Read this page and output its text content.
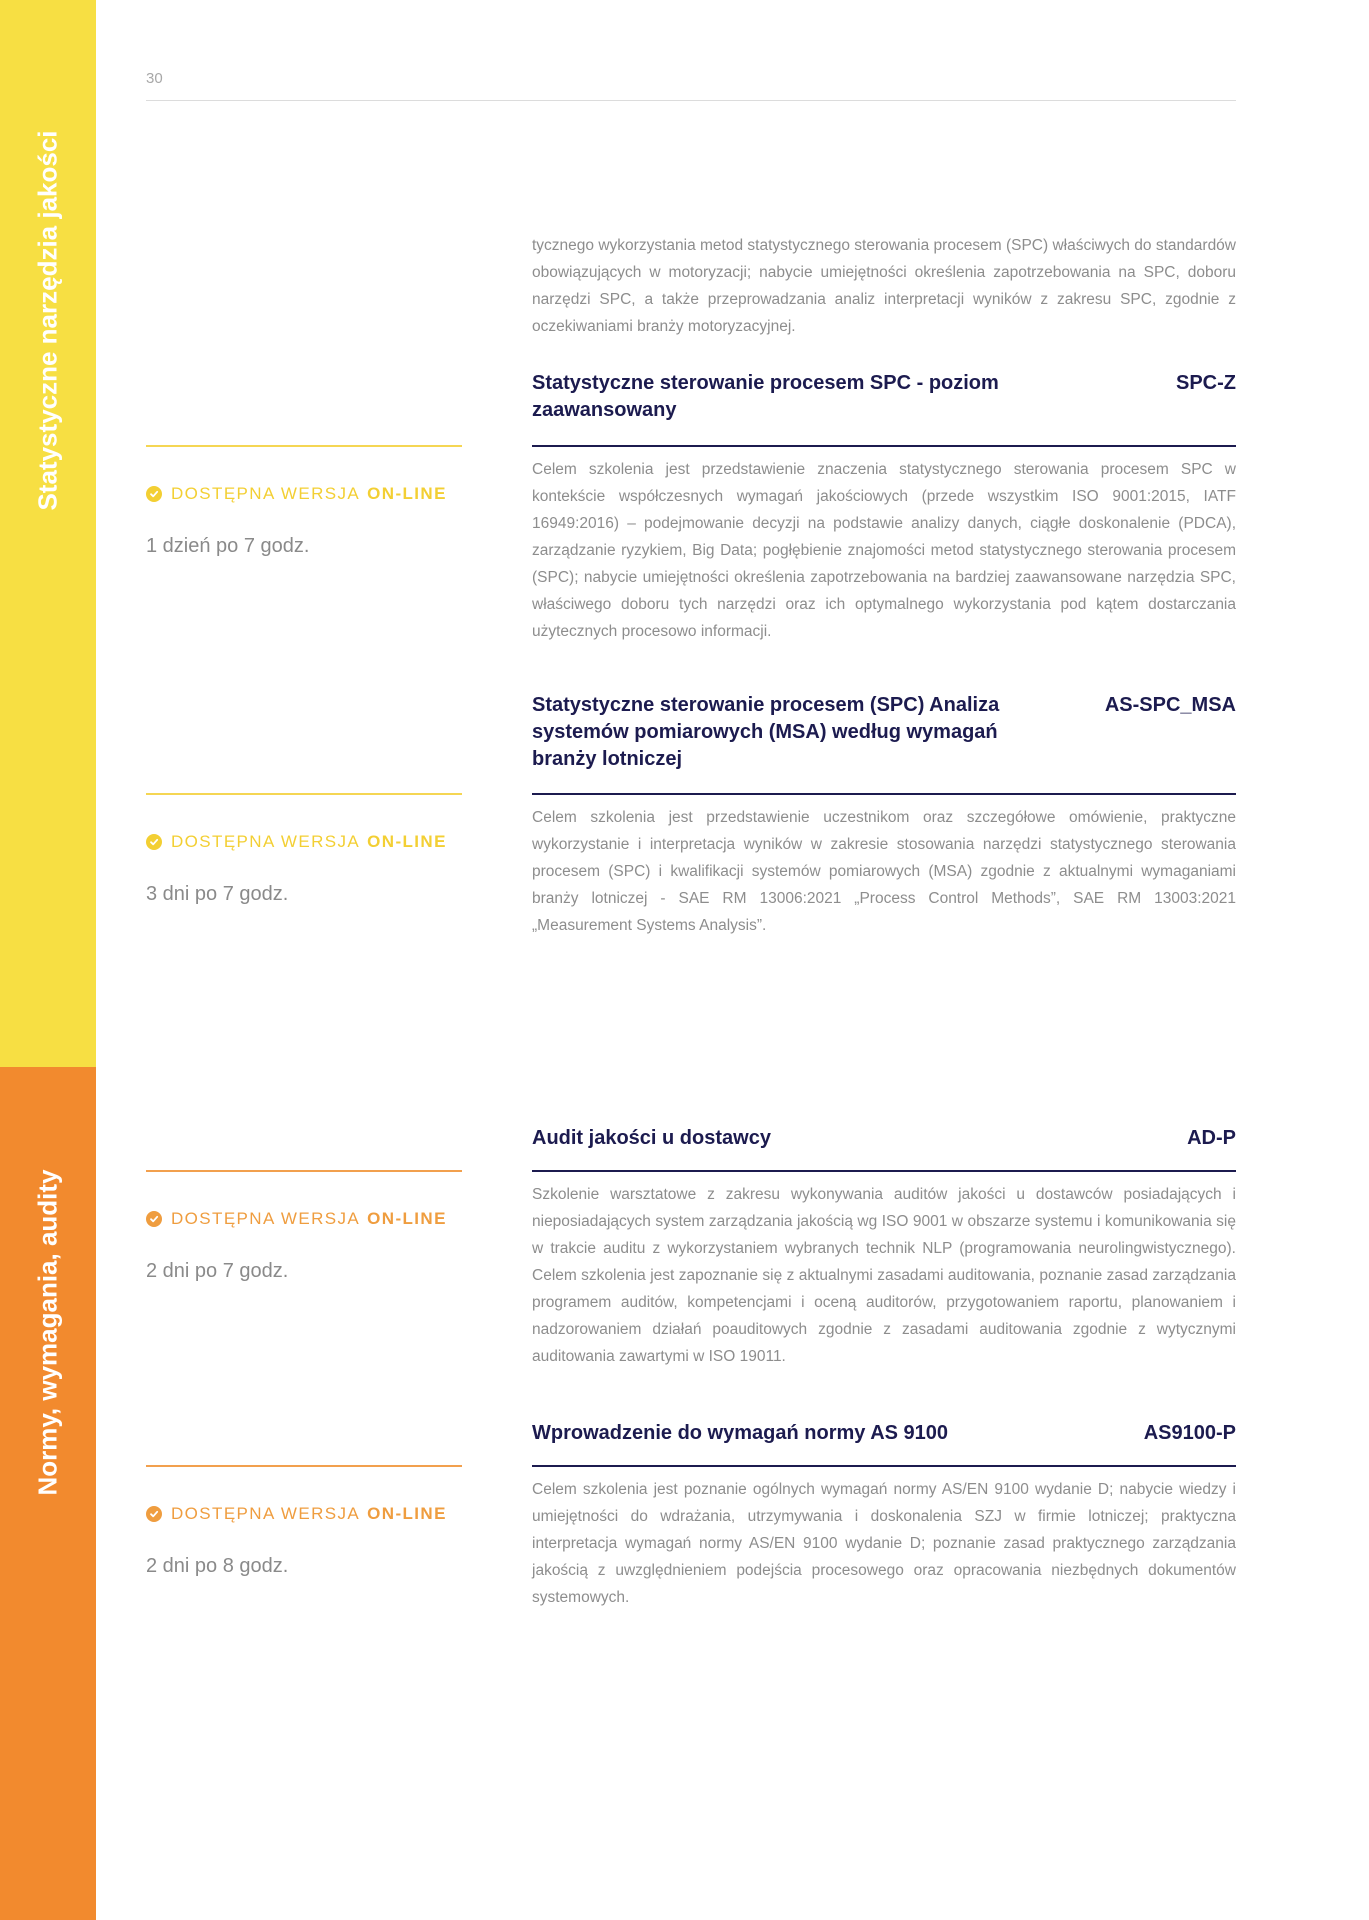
Statystyczne narzędzia jakości
Normy, wymagania, audity
30
tycznego wykorzystania metod statystycznego sterowania procesem (SPC) właściwych do standardów obowiązujących w motoryzacji; nabycie umiejętności określenia zapotrzebowania na SPC, doboru narzędzi SPC, a także przeprowadzania analiz interpretacji wyników z zakresu SPC, zgodnie z oczekiwaniami branży motoryzacyjnej.
Statystyczne sterowanie procesem SPC - poziom zaawansowany
SPC-Z
DOSTĘPNA WERSJA ON-LINE
1 dzień po 7 godz.
Celem szkolenia jest przedstawienie znaczenia statystycznego sterowania procesem SPC w kontekście współczesnych wymagań jakościowych (przede wszystkim ISO 9001:2015, IATF 16949:2016) – podejmowanie decyzji na podstawie analizy danych, ciągłe doskonalenie (PDCA), zarządzanie ryzykiem, Big Data; pogłębienie znajomości metod statystycznego sterowania procesem (SPC); nabycie umiejętności określenia zapotrzebowania na bardziej zaawansowane narzędzia SPC, właściwego doboru tych narzędzi oraz ich optymalnego wykorzystania pod kątem dostarczania użytecznych procesowo informacji.
Statystyczne sterowanie procesem (SPC) Analiza systemów pomiarowych (MSA) według wymagań branży lotniczej
AS-SPC_MSA
DOSTĘPNA WERSJA ON-LINE
3 dni po 7 godz.
Celem szkolenia jest przedstawienie uczestnikom oraz szczegółowe omówienie, praktyczne wykorzystanie i interpretacja wyników w zakresie stosowania narzędzi statystycznego sterowania procesem (SPC) i kwalifikacji systemów pomiarowych (MSA) zgodnie z aktualnymi wymaganiami branży lotniczej - SAE RM 13006:2021 „Process Control Methods”, SAE RM 13003:2021 „Measurement Systems Analysis”.
Audit jakości u dostawcy	AD-P
DOSTĘPNA WERSJA ON-LINE
2 dni po 7 godz.
Szkolenie warsztatowe z zakresu wykonywania auditów jakości u dostawców posiadających i nieposiadających system zarządzania jakością wg ISO 9001 w obszarze systemu i komunikowania się w trakcie auditu z wykorzystaniem wybranych technik NLP (programowania neurolingwistycznego). Celem szkolenia jest zapoznanie się z aktualnymi zasadami auditowania, poznanie zasad zarządzania programem auditów, kompetencjami i oceną auditorów, przygotowaniem raportu, planowaniem i nadzorowaniem działań poauditowych zgodnie z zasadami auditowania zgodnie z wytycznymi auditowania zawartymi w ISO 19011.
Wprowadzenie do wymagań normy AS 9100	AS9100-P
DOSTĘPNA WERSJA ON-LINE
2 dni po 8 godz.
Celem szkolenia jest poznanie ogólnych wymagań normy AS/EN 9100 wydanie D; nabycie wiedzy i umiejętności do wdrażania, utrzymywania i doskonalenia SZJ w firmie lotniczej; praktyczna interpretacja wymagań normy AS/EN 9100 wydanie D; poznanie zasad praktycznego zarządzania jakością z uwzględnieniem podejścia procesowego oraz opracowania niezbędnych dokumentów systemowych.
